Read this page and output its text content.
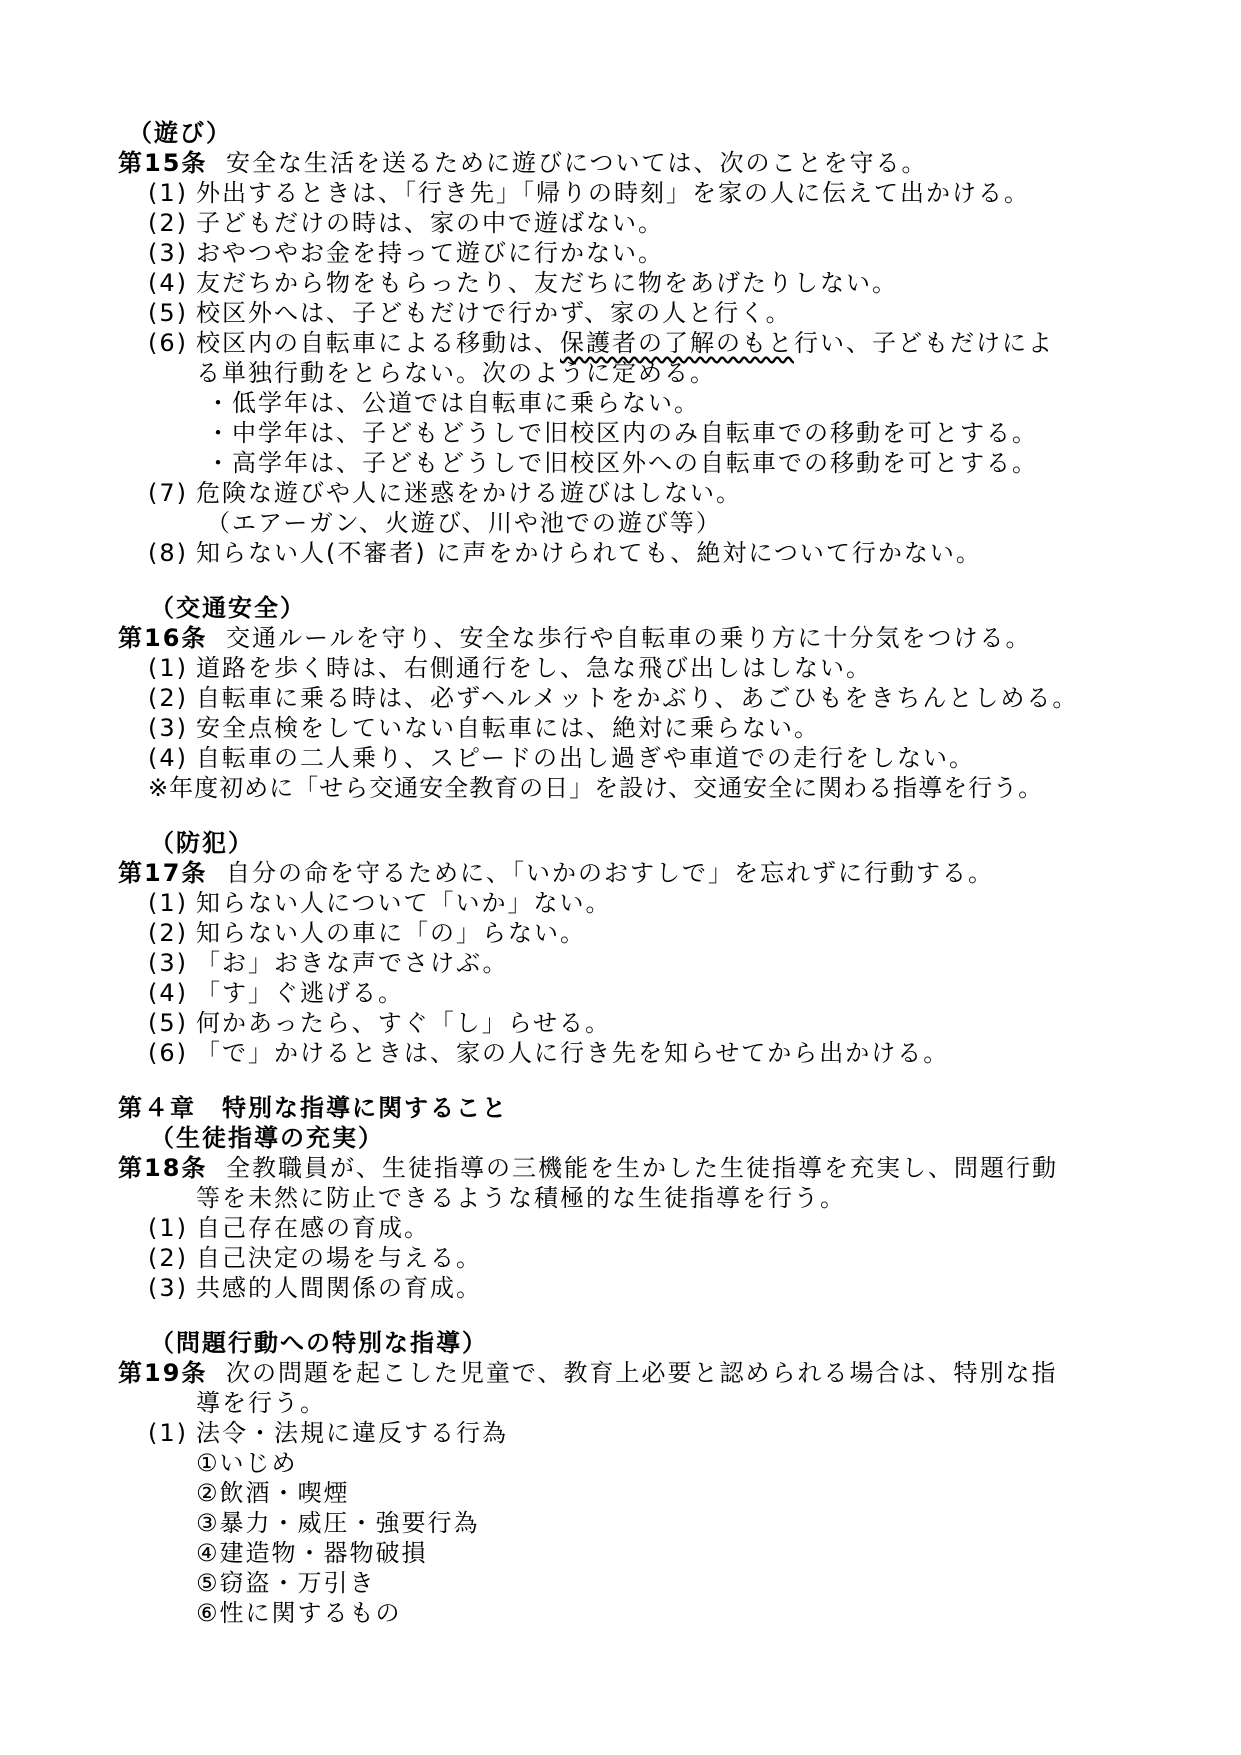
（遊び）
第15条 安全な生活を送るために遊びについては、次のことを守る。
(1) 外出するときは、「行き先」「帰りの時刻」を家の人に伝えて出かける。
(2) 子どもだけの時は、家の中で遊ばない。
(3) おやつやお金を持って遊びに行かない。
(4) 友だちから物をもらったり、友だちに物をあげたりしない。
(5) 校区外へは、子どもだけで行かず、家の人と行く。
(6) 校区内の自転車による移動は、保護者の了解のもと行い、子どもだけによ
る単独行動をとらない。次のように定める。
・低学年は、公道では自転車に乗らない。
・中学年は、子どもどうしで旧校区内のみ自転車での移動を可とする。
・高学年は、子どもどうしで旧校区外への自転車での移動を可とする。
(7) 危険な遊びや人に迷惑をかける遊びはしない。
（エアーガン、火遊び、川や池での遊び等）
(8) 知らない人(不審者) に声をかけられても、絶対について行かない。
（交通安全）
第16条 交通ルールを守り、安全な歩行や自転車の乗り方に十分気をつける。
(1) 道路を歩く時は、右側通行をし、急な飛び出しはしない。
(2) 自転車に乗る時は、必ずヘルメットをかぶり、あごひもをきちんとしめる。
(3) 安全点検をしていない自転車には、絶対に乗らない。
(4) 自転車の二人乗り、スピードの出し過ぎや車道での走行をしない。
※年度初めに「せら交通安全教育の日」を設け、交通安全に関わる指導を行う。
（防犯）
第17条 自分の命を守るために、「いかのおすしで」を忘れずに行動する。
(1) 知らない人について「いか」ない。
(2) 知らない人の車に「の」らない。
(3) 「お」おきな声でさけぶ。
(4) 「す」ぐ逃げる。
(5) 何かあったら、すぐ「し」らせる。
(6) 「で」かけるときは、家の人に行き先を知らせてから出かける。
第４章　特別な指導に関すること
（生徒指導の充実）
第18条 全教職員が、生徒指導の三機能を生かした生徒指導を充実し、問題行動
等を未然に防止できるような積極的な生徒指導を行う。
(1) 自己存在感の育成。
(2) 自己決定の場を与える。
(3) 共感的人間関係の育成。
（問題行動への特別な指導）
第19条 次の問題を起こした児童で、教育上必要と認められる場合は、特別な指
導を行う。
(1) 法令・法規に違反する行為
①いじめ
②飲酒・喫煙
③暴力・威圧・強要行為
④建造物・器物破損
⑤窃盗・万引き
⑥性に関するもの
